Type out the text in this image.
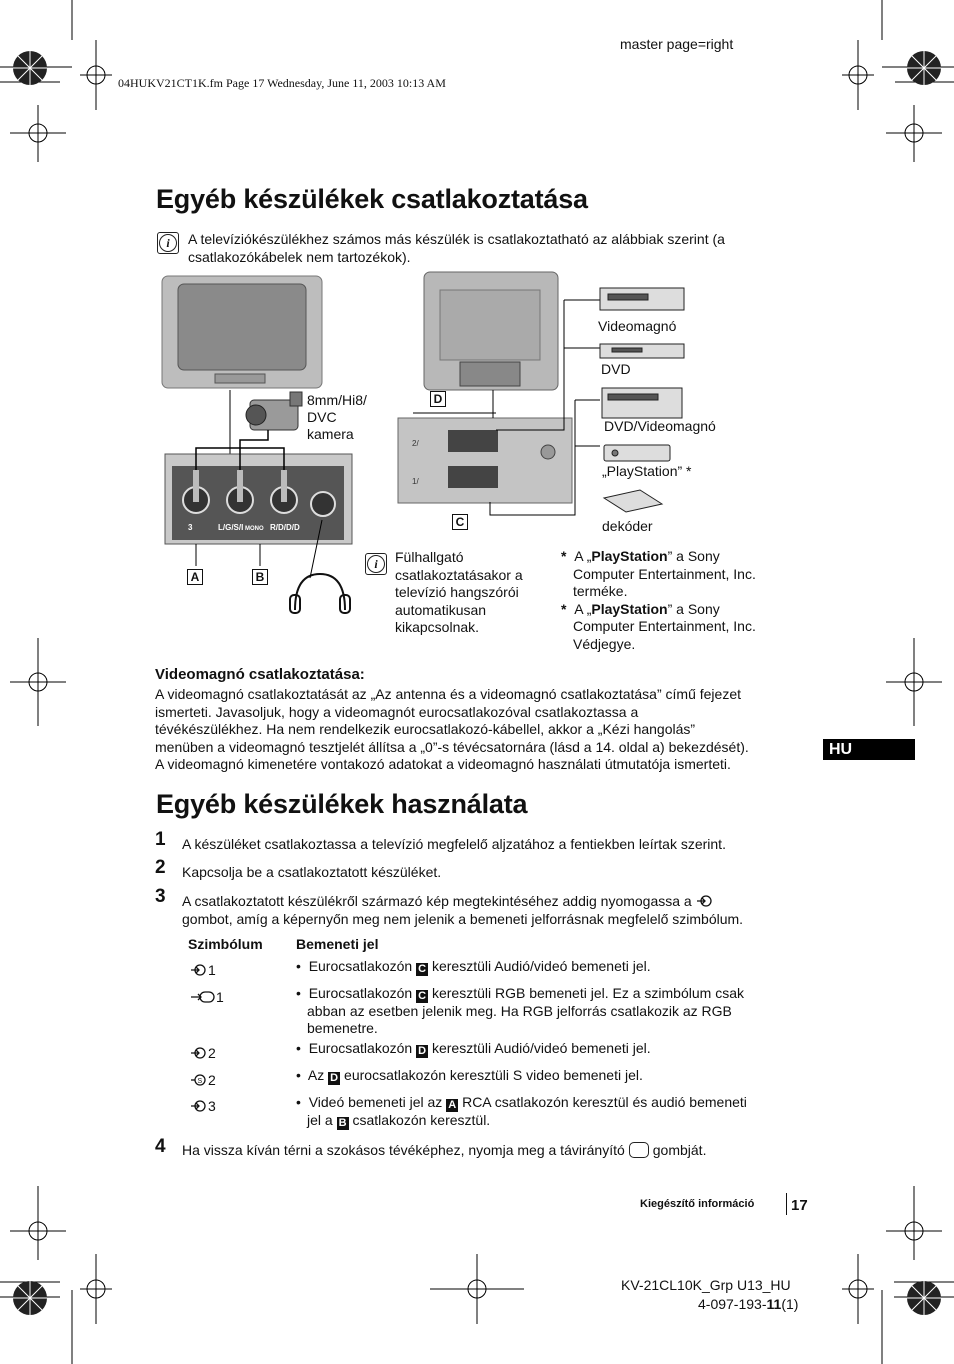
master page=right
04HUKV21CT1K.fm Page 17 Wednesday, June 11, 2003 10:13 AM
Egyéb készülékek csatlakoztatása
i	A televíziókészülékhez számos más készülék is csatlakoztatható az alábbiak szerint (a csatlakozókábelek nem tartozékok).
3	L/G/S/I MONO R/D/D/D
2/
1/
8mm/Hi8/
DVC
kamera
Videomagnó
DVD
DVD/Videomagnó
„PlayStation” *
dekóder
A	B
D
C
i	Fülhallgató
csatlakoztatásakor a
televízió hangszórói
automatikusan
kikapcsolnak.
* A „PlayStation” a Sony
Computer Entertainment, Inc.
terméke.
* A „PlayStation” a Sony
Computer Entertainment, Inc.
Védjegye.
Videomagnó csatlakoztatása:
A videomagnó csatlakoztatását az „Az antenna és a videomagnó csatlakoztatása” című fejezet
ismerteti. Javasoljuk, hogy a videomagnót eurocsatlakozóval csatlakoztassa a
tévékészülékhez. Ha nem rendelkezik eurocsatlakozó-kábellel, akkor a „Kézi hangolás”
menüben a videomagnó tesztjelét állítsa a „0”-s tévécsatornára (lásd a 14. oldal a) bekezdését).
A videomagnó kimenetére vontakozó adatokat a videomagnó használati útmutatója ismerteti.
HU
Egyéb készülékek használata
1 A készüléket csatlakoztassa a televízió megfelelő aljzatához a fentiekben leírtak szerint.
2 Kapcsolja be a csatlakoztatott készüléket.
3 A csatlakoztatott készülékről származó kép megtekintéséhez addig nyomogassa a
gombot, amíg a képernyőn meg nem jelenik a bemeneti jelforrásnak megfelelő szimbólum.
Szimbólum Bemeneti jel
1	• Eurocsatlakozón C keresztüli Audió/videó bemeneti jel.
1	• Eurocsatlakozón C keresztüli RGB bemeneti jel. Ez a szimbólum csak
abban az esetben jelenik meg. Ha RGB jelforrás csatlakozik az RGB
bemenetre.
2	• Eurocsatlakozón D keresztüli Audió/videó bemeneti jel.
S 2	• Az D eurocsatlakozón keresztüli S video bemeneti jel.
3	• Videó bemeneti jel az A RCA csatlakozón keresztül és audió bemeneti
jel a B csatlakozón keresztül.
4 Ha vissza kíván térni a szokásos tévéképhez, nyomja meg a távirányító gombját.
Kiegészítő információ 17
KV-21CL10K_Grp U13_HU
4-097-193-11(1)
